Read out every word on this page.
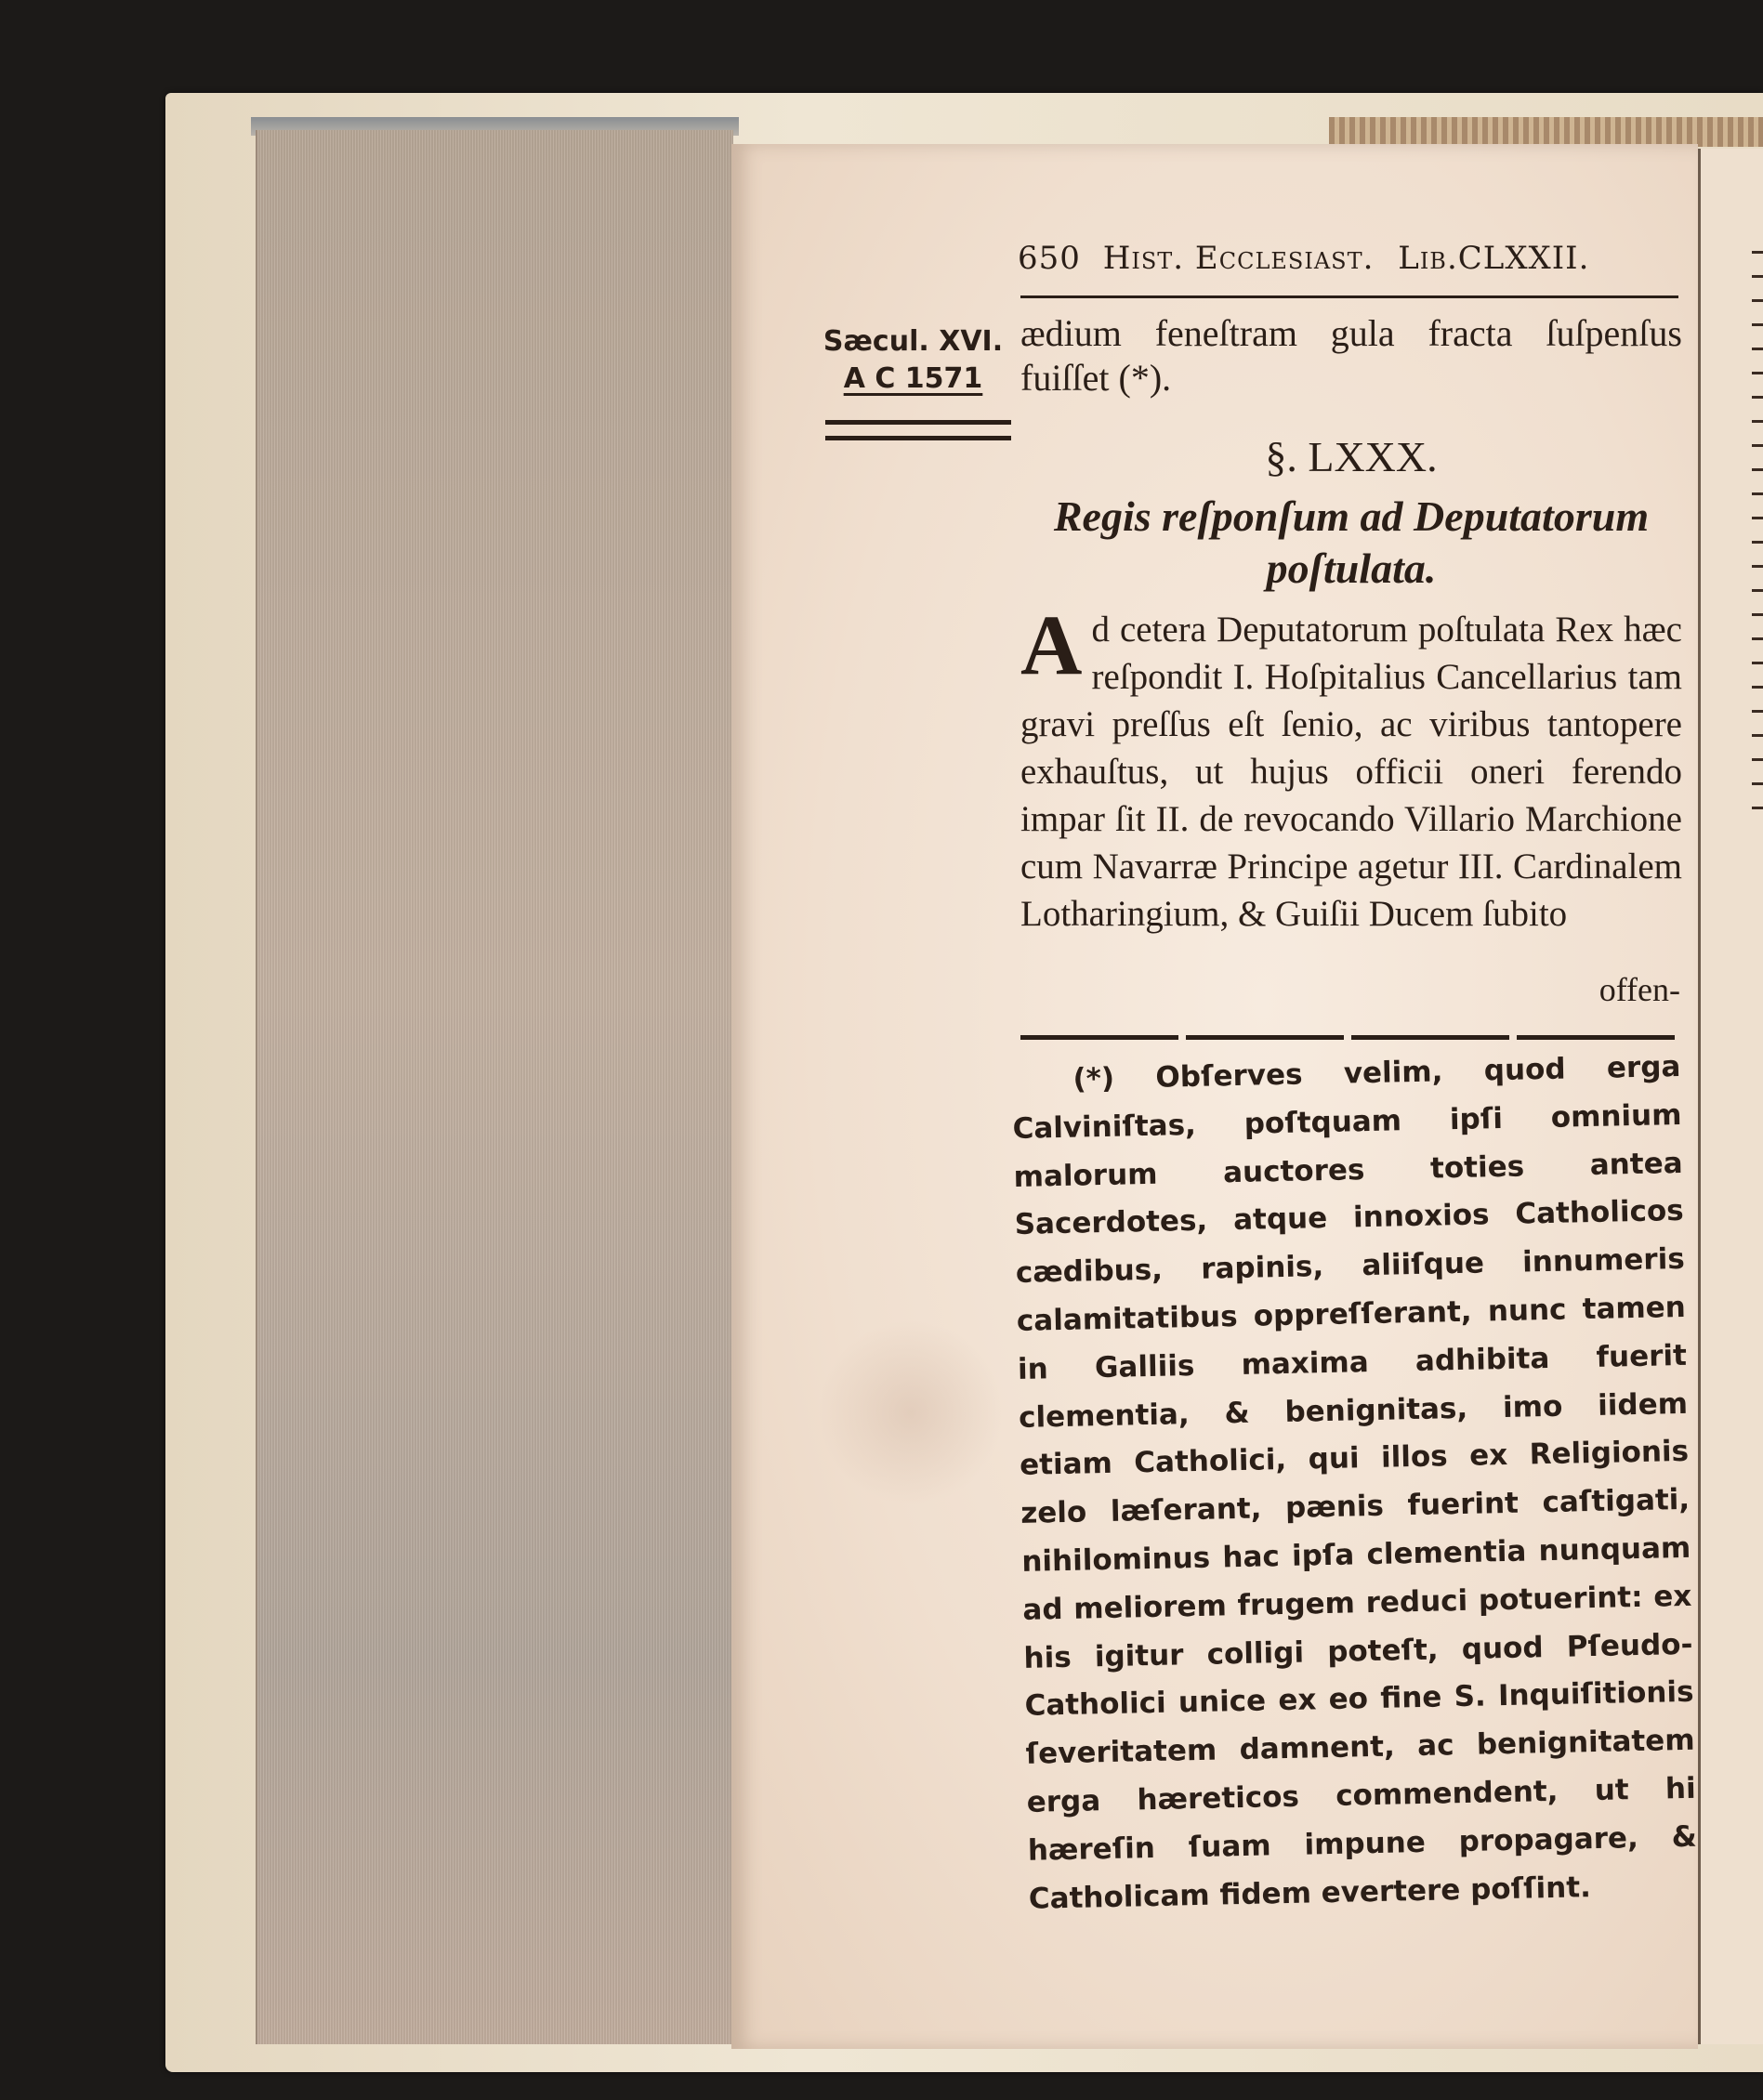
650 Hist. Ecclesiast. Lib.CLXXII.
Sæcul. XVI.
A C 1571
ædium feneſtram gula fracta ſuſpenſus fuiſſet (*).
§. LXXX.
Regis reſponſum ad Deputatorum poſtulata.
A d cetera Deputatorum poſtulata Rex hæc reſpondit I. Hoſpitalius Cancellarius tam gravi preſſus eſt ſenio, ac viribus tantopere exhauſtus, ut hujus officii oneri ferendo impar ſit II. de revocando Villario Marchione cum Navarræ Principe agetur III. Cardinalem Lotharingium, & Guiſii Ducem ſubito
offen-
(*) Obſerves velim, quod erga Calviniſtas, poſtquam ipſi omnium malorum auctores toties antea Sacerdotes, atque innoxios Catholicos cædibus, rapinis, aliiſque innumeris calamitatibus oppreſſerant, nunc tamen in Galliis maxima adhibita fuerit clementia, & benignitas, imo iidem etiam Catholici, qui illos ex Religionis zelo læſerant, pænis fuerint caſtigati, nihilominus hac ipſa clementia nunquam ad meliorem frugem reduci potuerint: ex his igitur colligi poteſt, quod Pſeudo-Catholici unice ex eo fine S. Inquiſitionis ſeveritatem damnent, ac benignitatem erga hæreticos commendent, ut hi hæreſin ſuam impune propagare, & Catholicam fidem evertere poſſint.
